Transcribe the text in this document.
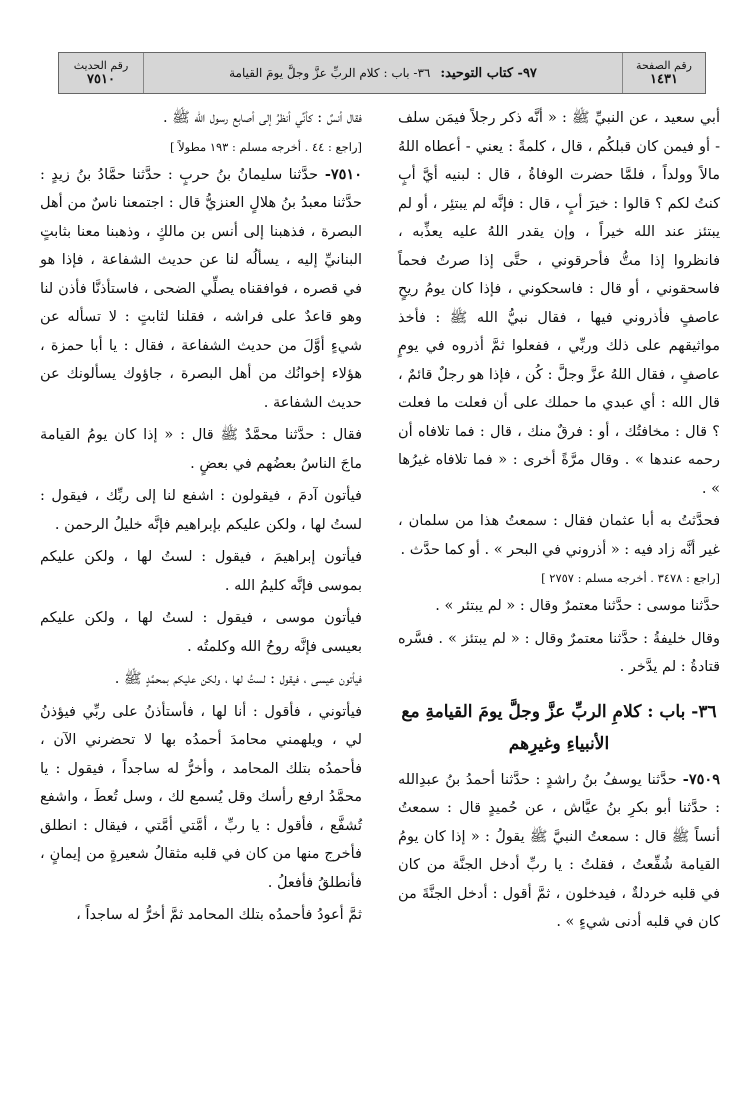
رقم الصفحة
١٤٣١
٩٧- كتاب التوحيد:
٣٦- باب : كلام الربِّ عزَّ وجلَّ يومَ القيامة
رقم الحديث
٧٥١٠

أبي سعيد ، عن النبيِّ ﷺ : « أنَّه ذكر رجلاً فيمَن سلف - أو فيمن كان قبلكُم ، قال ، كلمةً : يعني - أعطاه اللهُ مالاً وولداً ، فلمَّا حضرت الوفاةُ ، قال : لبنيه أيَّ أبٍ كنتُ لكم ؟ قالوا : خيرَ أبٍ ، قال : فإنَّه لم يبتئِر ، أو لم يبتئز عند الله خيراً ، وإن يقدر اللهُ عليه يعذِّبه ، فانظروا إذا متُّ فأحرقوني ، حتَّى إذا صرتُ فحماً فاسحقوني ، أو قال : فاسحكوني ، فإذا كان يومُ ريحٍ عاصفٍ فأذروني فيها ، فقال نبيُّ الله ﷺ : فأخذ مواثيقهم على ذلك وربِّي ، ففعلوا ثمَّ أذروه في يومٍ عاصفٍ ، فقال اللهُ عزَّ وجلَّ : كُن ، فإذا هو رجلٌ قائمٌ ، قال الله : أي عبدي ما حملك على أن فعلت ما فعلت ؟ قال : مخافتُك ، أو : فرقٌ منك ، قال : فما تلافاه أن رحمه عندها » . وقال مرَّةً أخرى : « فما تلافاه غيرُها » .

فحدَّثتُ به أبا عثمان فقال : سمعتُ هذا من سلمان ، غير أنَّه زاد فيه : « أذروني في البحر » . أو كما حدَّث .

[راجع : ٣٤٧٨ . أخرجه مسلم : ٢٧٥٧ ]

حدَّثنا موسى : حدَّثنا معتمرٌ وقال : « لم يبتئر » .

وقال خليفةُ : حدَّثنا معتمرٌ وقال : « لم يبتئز » . فسَّره قتادةُ : لم يدَّخر .

٣٦- باب : كلامِ الربِّ عزَّ وجلَّ يومَ القيامةِ مع الأنبياءِ وغيرِهم

٧٥٠٩- حدَّثنا يوسفُ بنُ راشدٍ : حدَّثنا أحمدُ بنُ عبدِالله : حدَّثنا أبو بكرِ بنُ عيَّاش ، عن حُميدٍ قال : سمعتُ أنساً ﷺ قال : سمعتُ النبيَّ ﷺ يقولُ : « إذا كان يومُ القيامة شُفِّعتُ ، فقلتُ : يا ربِّ أدخل الجنَّة من كان في قلبه خردلةٌ ، فيدخلون ، ثمَّ أقول : أدخل الجنَّةَ من كان في قلبه أدنى شيءٍ » .

فقال أنسٌ : كأنِّي أنظرُ إلى أصابع رسول الله ﷺ .

[راجع : ٤٤ . أخرجه مسلم : ١٩٣ مطولاً ]

٧٥١٠- حدَّثنا سليمانُ بنُ حربٍ : حدَّثنا حمَّادُ بنُ زيدٍ : حدَّثنا معبدُ بنُ هلالٍ العنزيُّ قال : اجتمعنا ناسٌ من أهل البصرة ، فذهبنا إلى أنس بن مالكٍ ، وذهبنا معنا بثابتٍ البنانيِّ إليه ، يسألُه لنا عن حديث الشفاعة ، فإذا هو في قصره ، فوافقناه يصلِّي الضحى ، فاستأذنَّا فأذن لنا وهو قاعدٌ على فراشه ، فقلنا لثابتٍ : لا تسأله عن شيءٍ أوَّلَ من حديث الشفاعة ، فقال : يا أبا حمزة ، هؤلاء إخوانُك من أهل البصرة ، جاؤوك يسألونك عن حديث الشفاعة .

فقال : حدَّثنا محمَّدٌ ﷺ قال : « إذا كان يومُ القيامة ماجَ الناسُ بعضُهم في بعضٍ .

فيأتون آدمَ ، فيقولون : اشفع لنا إلى ربِّك ، فيقول : لستُ لها ، ولكن عليكم بإبراهيم فإنَّه خليلُ الرحمن .

فيأتون إبراهيمَ ، فيقول : لستُ لها ، ولكن عليكم بموسى فإنَّه كليمُ الله .

فيأتون موسى ، فيقول : لستُ لها ، ولكن عليكم بعيسى فإنَّه روحُ الله وكلمتُه .

فيأتون عيسى ، فيقول : لستُ لها ، ولكن عليكم بمحمَّدٍ ﷺ .

فيأتوني ، فأقول : أنا لها ، فأستأذنُ على ربِّي فيؤذنُ لي ، ويلهمني محامدَ أحمدُه بها لا تحضرني الآن ، فأحمدُه بتلك المحامد ، وأخرُّ له ساجداً ، فيقول : يا محمَّدُ ارفع رأسك وقل يُسمع لك ، وسل تُعطَ ، واشفع تُشفَّع ، فأقول : يا ربِّ ، أمَّتي أمَّتي ، فيقال : انطلق فأخرج منها من كان في قلبه مثقالُ شعيرةٍ من إيمانٍ ، فأنطلقُ فأفعلُ .

ثمَّ أعودُ فأحمدُه بتلك المحامد ثمَّ أخرُّ له ساجداً ،
